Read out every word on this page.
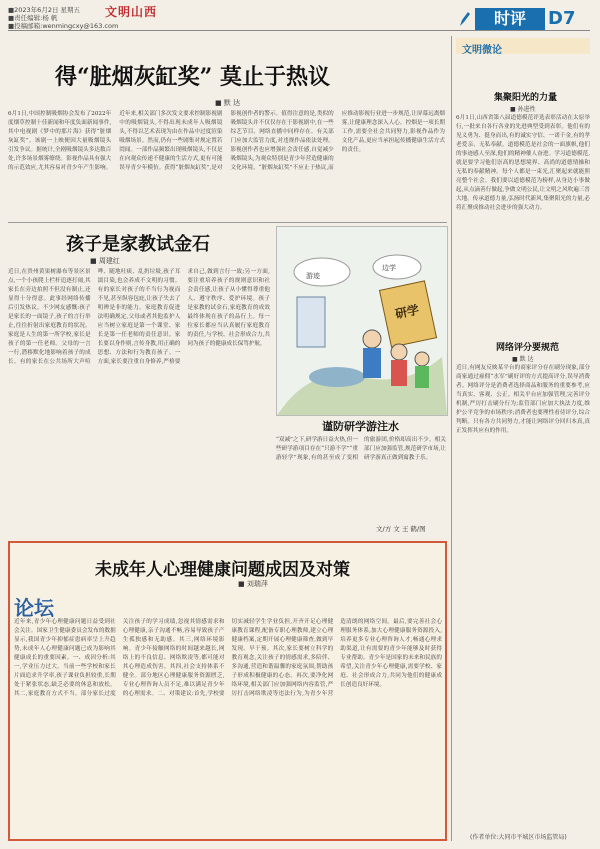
■2023年6月2日 星期五
■责任编辑:杨 帆
■投稿邮箱:wenmingcxy@163.com
文明山西	时评	D7
得“脏烟灰缸奖” 莫止于热议
■ 默 达
6月1日,中国控制吸烟协会发布了2022年度烟草控制十佳新闻和年度负面新闻事件,其中电视剧《梦中的那片海》获得“脏烟灰缸奖”。该剧一上映便因大量吸烟镜头引发争议。据统计,全剧吸烟镜头多达数百处,许多场景烟雾缭绕。影视作品具有强大的示范效应,尤其容易对青少年产生影响。近年来,相关部门多次发文要求控制影视剧中的吸烟镜头,不得出现未成年人吸烟镜头,不得以艺术表现为由在作品中过度渲染吸烟场景。然而,仍有一些剧集对规定置若罔闻。一部作品频繁出现吸烟镜头,不仅是在向观众传递不健康的生活方式,更有可能误导青少年模仿。获得“脏烟灰缸奖”,是对影视创作者的警示。值得注意的是,类似的吸烟镜头并不仅仅存在于影视剧中,在一些综艺节目、网络直播中同样存在。有关部门应加大监管力度,对违规作品依法处理。影视创作者也应增强社会责任感,自觉减少吸烟镜头,为观众特别是青少年营造健康的文化环境。“脏烟灰缸奖”不应止于热议,而应推动影视行业进一步规范,让屏幕远离烟雾,让健康理念深入人心。控烟是一项长期工作,需要全社会共同努力,影视作品作为文化产品,更应当承担起传播健康生活方式的责任。
孩子是家教试金石
■ 周建红
近日,在贵州黄果树瀑布等景区景点,一个小孩爬上栏杆追逐打闹,其家长在旁边拍照不但没有制止,还显得十分得意。此事经网络传播后引发热议。不少网友感慨:孩子是家长的一面镜子,孩子的言行举止,往往折射出家庭教育的状况。家庭是人生的第一所学校,家长是孩子的第一任老师。父母的一言一行,潜移默化地影响着孩子的成长。有的家长在公共场所大声喧哗、随地吐痰、乱扔垃圾,孩子耳濡目染,也会养成不文明的习惯。有的家长对孩子的不当行为视而不见,甚至纵容包庇,让孩子失去了明辨是非的能力。家庭教育促进法明确规定,父母或者其他监护人应当树立家庭是第一个课堂、家长是第一任老师的责任意识。家长要以身作则,言传身教,用正确的思想、方法和行为教育孩子。一方面,家长要注重自身修养,严格要求自己,做到言行一致;另一方面,要注重培养孩子的规则意识和社会责任感,让孩子从小懂得尊重他人、遵守秩序、爱护环境。孩子是家教的试金石,家庭教育的成效最终体现在孩子的品行上。每一位家长都应当认真履行家庭教育的责任,与学校、社会形成合力,共同为孩子的健康成长保驾护航。
研学
游迹
边学
谨防研学游注水
“双减”之下,研学游日益火热,但一些研学游项目存在“只游不学”“重游轻学”现象,有的甚至成了变相的旅游团,价格却高出不少。相关部门应加强监管,规范研学市场,让研学游真正做到寓教于乐。
文/方 文 王 鹤/图
未成年人心理健康问题成因及对策
■ 刘瑞萍
论坛
近年来,青少年心理健康问题日益受到社会关注。国家卫生健康委员会发布的数据显示,我国青少年抑郁症患病率呈上升趋势,未成年人心理健康问题已成为影响其健康成长的重要因素。一、成因分析:其一,学业压力过大。当前一些学校和家长片面追求升学率,孩子课业负担较重,长期处于紧张状态,缺乏必要的休息和放松。其二,家庭教育方式不当。部分家长过度关注孩子的学习成绩,忽视其情感需求和心理健康,亲子沟通不畅,容易导致孩子产生孤独感和无助感。其三,网络环境影响。青少年接触网络的时间越来越长,网络上的不良信息、网络欺凌等,都可能对其心理造成伤害。其四,社会支持体系不健全。部分地区心理健康服务资源匮乏,专业心理咨询人员不足,难以满足青少年的心理需求。二、对策建议:首先,学校要切实减轻学生学业负担,开齐开足心理健康教育课程,配备专职心理教师,建立心理健康档案,定期开展心理健康筛查,做到早发现、早干预。其次,家长要树立科学的教育观念,关注孩子的情感需求,多陪伴、多沟通,营造和谐温馨的家庭氛围,帮助孩子形成积极健康的心态。再次,要净化网络环境,相关部门应加强网络内容监管,严厉打击网络欺凌等违法行为,为青少年营造清朗的网络空间。最后,要完善社会心理服务体系,加大心理健康服务资源投入,培养更多专业心理咨询人才,畅通心理求助渠道,让有需要的青少年能够及时获得专业帮助。青少年是国家的未来和民族的希望,关注青少年心理健康,需要学校、家庭、社会形成合力,共同为他们的健康成长创造良好环境。
文明微论
集聚阳光的力量
■ 孙进性
6月1日,山西省第八届道德模范评选表彰活动在太原举行,一批来自各行各业的先进典型受到表彰。他们有的见义勇为、挺身而出,有的诚实守信、一诺千金,有的孝老爱亲、无私奉献。道德模范是社会的一面旗帜,他们的事迹感人至深,他们的精神催人奋进。学习道德模范,就是要学习他们崇高的思想境界、高尚的道德情操和无私的奉献精神。每个人都是一束光,汇聚起来就能照亮整个社会。我们要以道德模范为榜样,从身边小事做起,从点滴善行做起,争做文明公民,让文明之风吹遍三晋大地。传承道德力量,弘扬时代新风,集聚阳光的力量,必将汇聚成推动社会进步的强大动力。
网络评分要规范
■ 默 达
近日,有网友反映某平台的商家评分存在刷分现象,部分商家通过雇佣“水军”刷好评的方式提高评分,误导消费者。网络评分是消费者选择商品和服务的重要参考,应当真实、客观、公正。相关平台应加强管理,完善评分机制,严厉打击刷分行为;监管部门应加大执法力度,维护公平竞争的市场秩序;消费者也要理性看待评分,综合判断。只有各方共同努力,才能让网络评分回归本真,真正发挥其应有的作用。
(作者单位:大同市平城区市场监管局)
